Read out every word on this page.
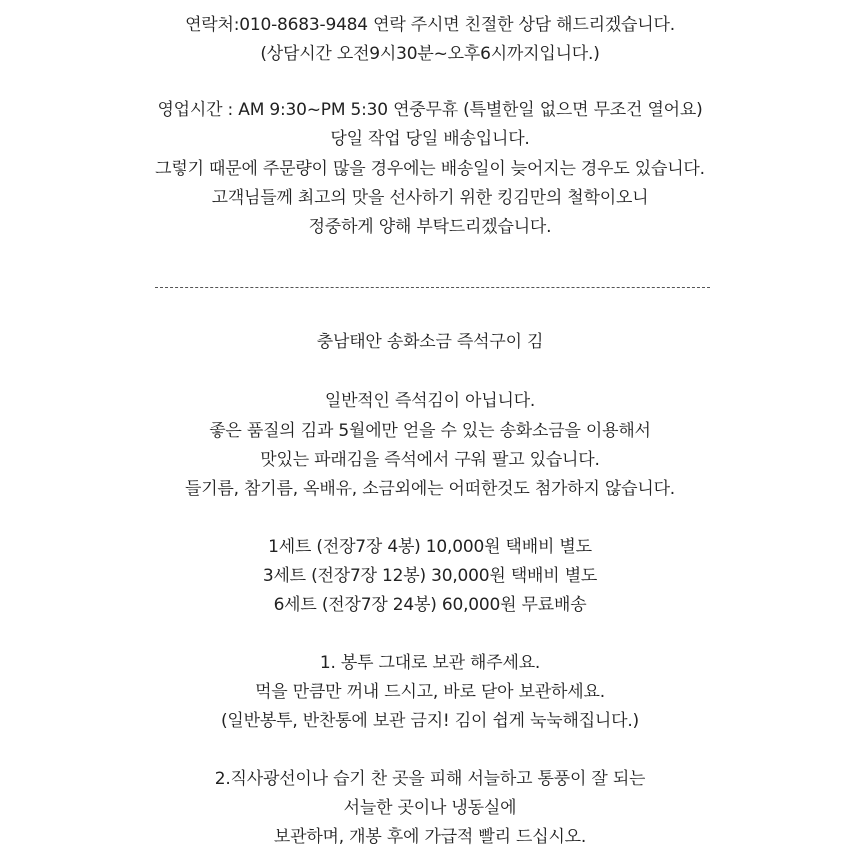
연락처:010-8683-9484 연락 주시면 친절한 상담 해드리겠습니다.
(상담시간 오전9시30분~오후6시까지입니다.)
영업시간 : AM 9:30~PM 5:30 연중무휴 (특별한일 없으면 무조건 열어요)
당일 작업 당일 배송입니다.
그렇기 때문에 주문량이 많을 경우에는 배송일이 늦어지는 경우도 있습니다.
고객님들께 최고의 맛을 선사하기 위한 킹김만의 철학이오니
정중하게 양해 부탁드리겠습니다.
충남태안 송화소금 즉석구이 김
일반적인 즉석김이 아닙니다.
좋은 품질의 김과 5월에만 얻을 수 있는 송화소금을 이용해서
맛있는 파래김을 즉석에서 구워 팔고 있습니다.
들기름, 참기름, 옥배유, 소금외에는 어떠한것도 첨가하지 않습니다.
1세트 (전장7장 4봉) 10,000원 택배비 별도
3세트 (전장7장 12봉) 30,000원 택배비 별도
6세트 (전장7장 24봉) 60,000원 무료배송
1. 봉투 그대로 보관 해주세요.
먹을 만큼만 꺼내 드시고, 바로 닫아 보관하세요.
(일반봉투, 반찬통에 보관 금지! 김이 쉽게 눅눅해집니다.)
2.직사광선이나 습기 찬 곳을 피해 서늘하고 통풍이 잘 되는
서늘한 곳이나 냉동실에
보관하며, 개봉 후에 가급적 빨리 드십시오.
